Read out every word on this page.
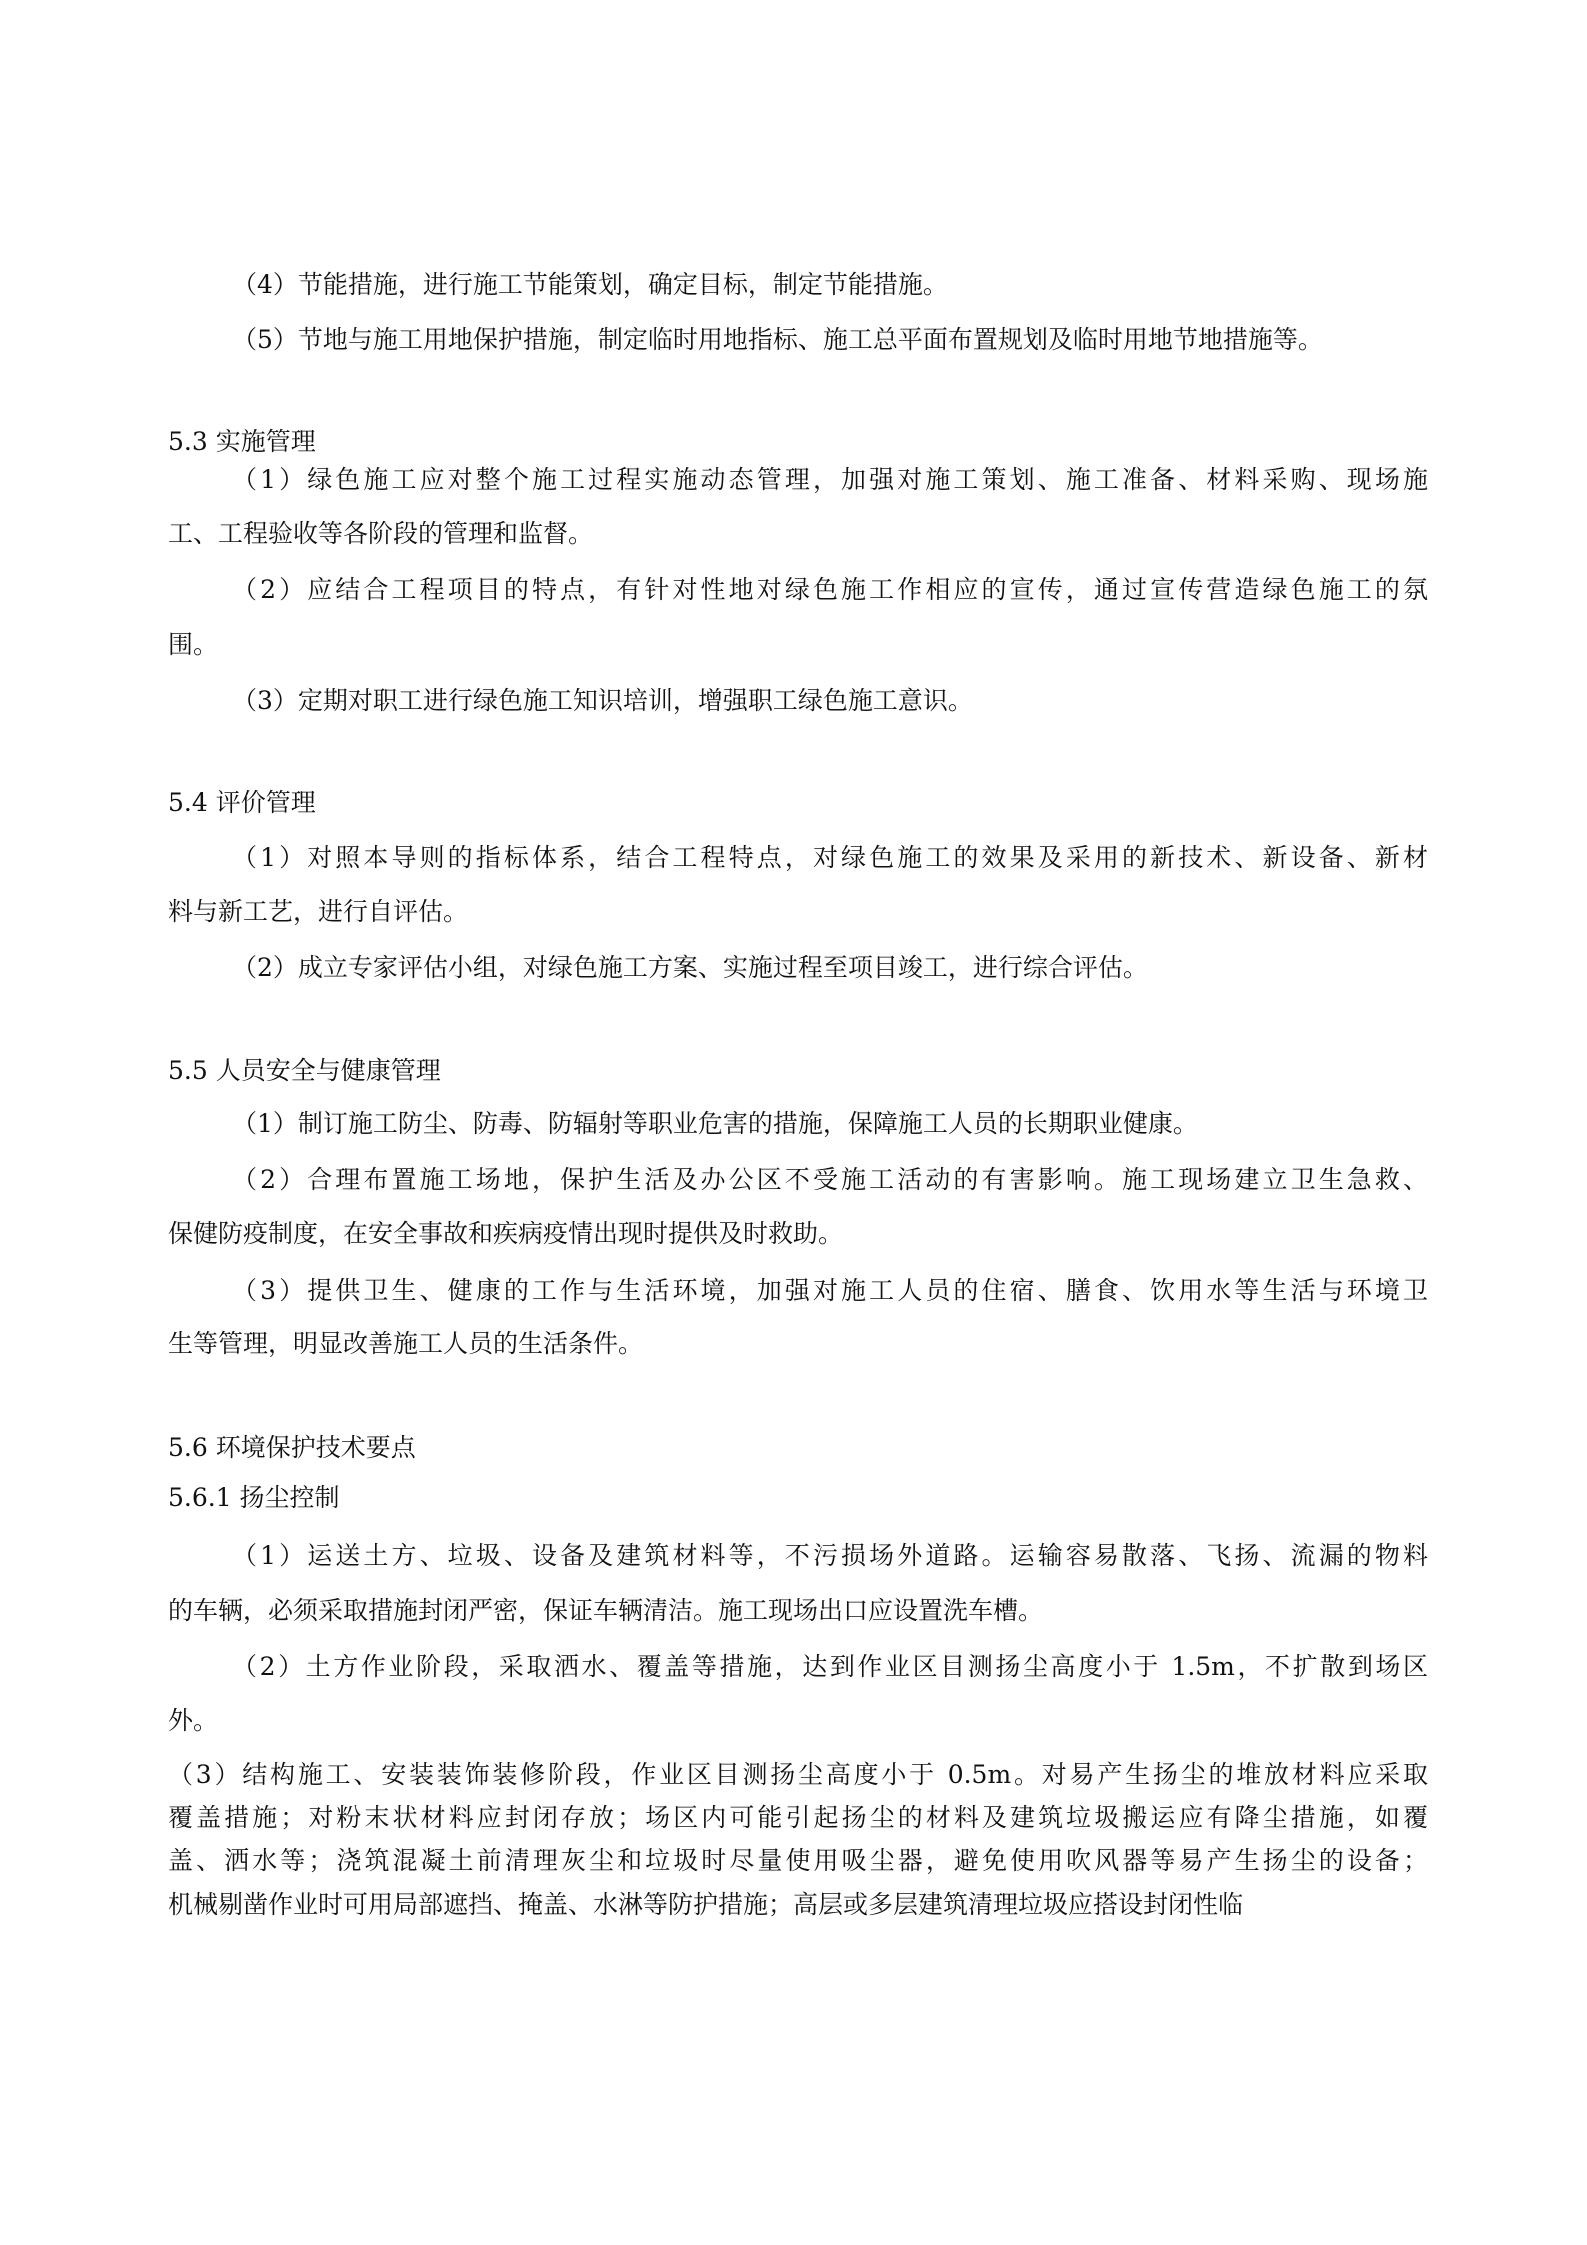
（4）节能措施，进行施工节能策划，确定目标，制定节能措施。
（5）节地与施工用地保护措施，制定临时用地指标、施工总平面布置规划及临时用地节地措施等。
5.3 实施管理
（1）绿色施工应对整个施工过程实施动态管理，加强对施工策划、施工准备、材料采购、现场施
工、工程验收等各阶段的管理和监督。
（2）应结合工程项目的特点，有针对性地对绿色施工作相应的宣传，通过宣传营造绿色施工的氛
围。
（3）定期对职工进行绿色施工知识培训，增强职工绿色施工意识。
5.4 评价管理
（1）对照本导则的指标体系，结合工程特点，对绿色施工的效果及采用的新技术、新设备、新材
料与新工艺，进行自评估。
（2）成立专家评估小组，对绿色施工方案、实施过程至项目竣工，进行综合评估。
5.5 人员安全与健康管理
（1）制订施工防尘、防毒、防辐射等职业危害的措施，保障施工人员的长期职业健康。
（2）合理布置施工场地，保护生活及办公区不受施工活动的有害影响。施工现场建立卫生急救、
保健防疫制度，在安全事故和疾病疫情出现时提供及时救助。
（3）提供卫生、健康的工作与生活环境，加强对施工人员的住宿、膳食、饮用水等生活与环境卫
生等管理，明显改善施工人员的生活条件。
5.6 环境保护技术要点
5.6.1 扬尘控制
（1）运送土方、垃圾、设备及建筑材料等，不污损场外道路。运输容易散落、飞扬、流漏的物料
的车辆，必须采取措施封闭严密，保证车辆清洁。施工现场出口应设置洗车槽。
（2）土方作业阶段，采取洒水、覆盖等措施，达到作业区目测扬尘高度小于 1.5m，不扩散到场区
外。
（3）结构施工、安装装饰装修阶段，作业区目测扬尘高度小于 0.5m。对易产生扬尘的堆放材料应采取
覆盖措施；对粉末状材料应封闭存放；场区内可能引起扬尘的材料及建筑垃圾搬运应有降尘措施，如覆
盖、洒水等；浇筑混凝土前清理灰尘和垃圾时尽量使用吸尘器，避免使用吹风器等易产生扬尘的设备；
机械剔凿作业时可用局部遮挡、掩盖、水淋等防护措施；高层或多层建筑清理垃圾应搭设封闭性临
